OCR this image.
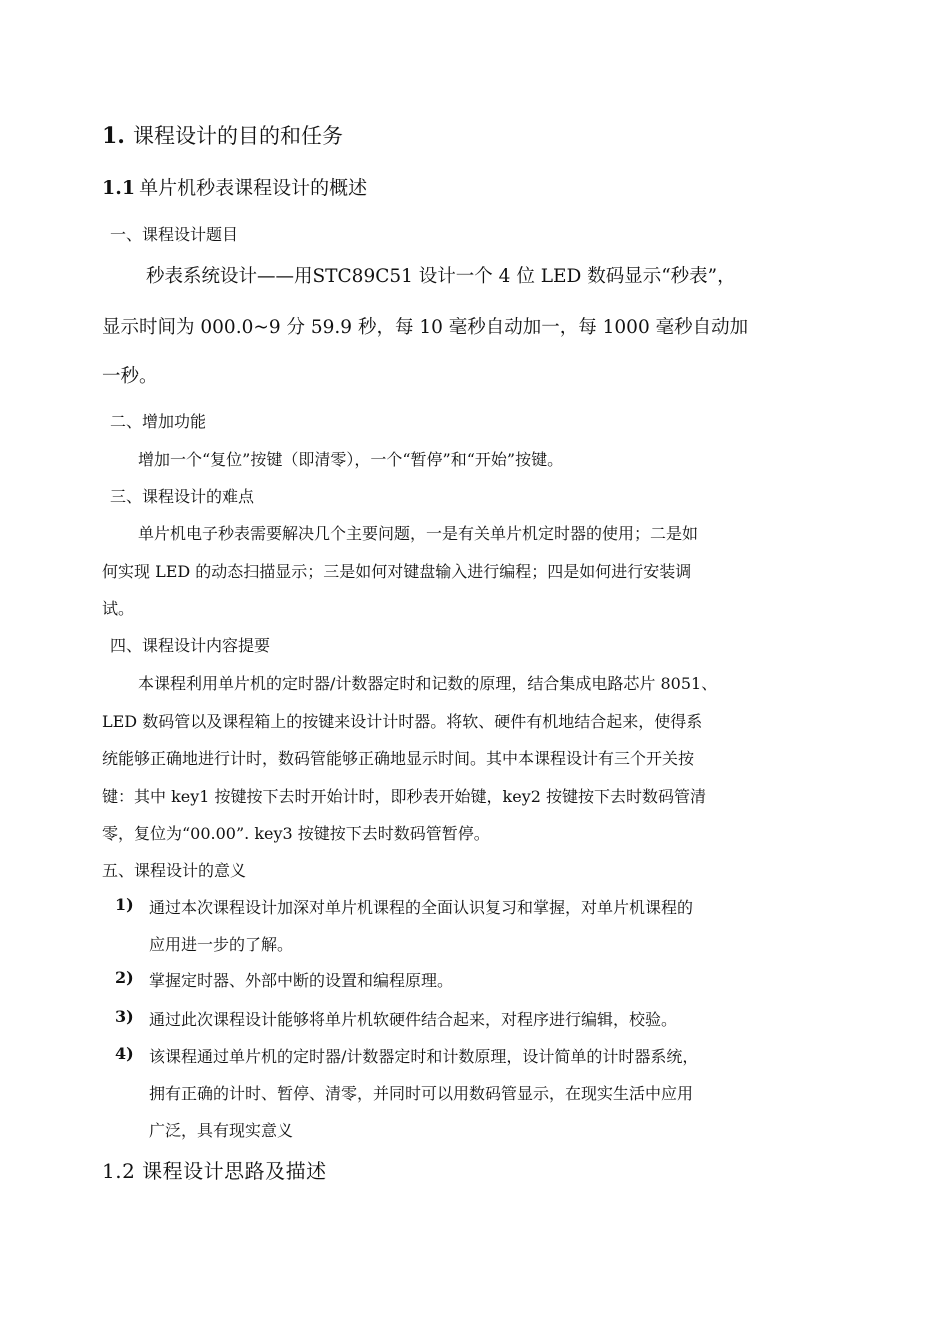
1. 课程设计的目的和任务
1.1 单片机秒表课程设计的概述
一、课程设计题目
秒表系统设计——用STC89C51 设计一个 4 位 LED 数码显示“秒表”，
显示时间为 000.0~9 分 59.9 秒，每 10 毫秒自动加一，每 1000 毫秒自动加
一秒。
二、增加功能
增加一个“复位”按键（即清零），一个“暂停”和“开始”按键。
三、课程设计的难点
单片机电子秒表需要解决几个主要问题，一是有关单片机定时器的使用；二是如
何实现 LED 的动态扫描显示；三是如何对键盘输入进行编程；四是如何进行安装调
试。
四、课程设计内容提要
本课程利用单片机的定时器/计数器定时和记数的原理，结合集成电路芯片 8051、
LED 数码管以及课程箱上的按键来设计计时器。将软、硬件有机地结合起来，使得系
统能够正确地进行计时，数码管能够正确地显示时间。其中本课程设计有三个开关按
键：其中 key1 按键按下去时开始计时，即秒表开始键，key2 按键按下去时数码管清
零，复位为“00.00”. key3 按键按下去时数码管暂停。
五、课程设计的意义
1) 通过本次课程设计加深对单片机课程的全面认识复习和掌握，对单片机课程的
应用进一步的了解。
2) 掌握定时器、外部中断的设置和编程原理。
3) 通过此次课程设计能够将单片机软硬件结合起来，对程序进行编辑，校验。
4) 该课程通过单片机的定时器/计数器定时和计数原理，设计简单的计时器系统，
拥有正确的计时、暂停、清零，并同时可以用数码管显示，在现实生活中应用
广泛，具有现实意义
1.2 课程设计思路及描述
